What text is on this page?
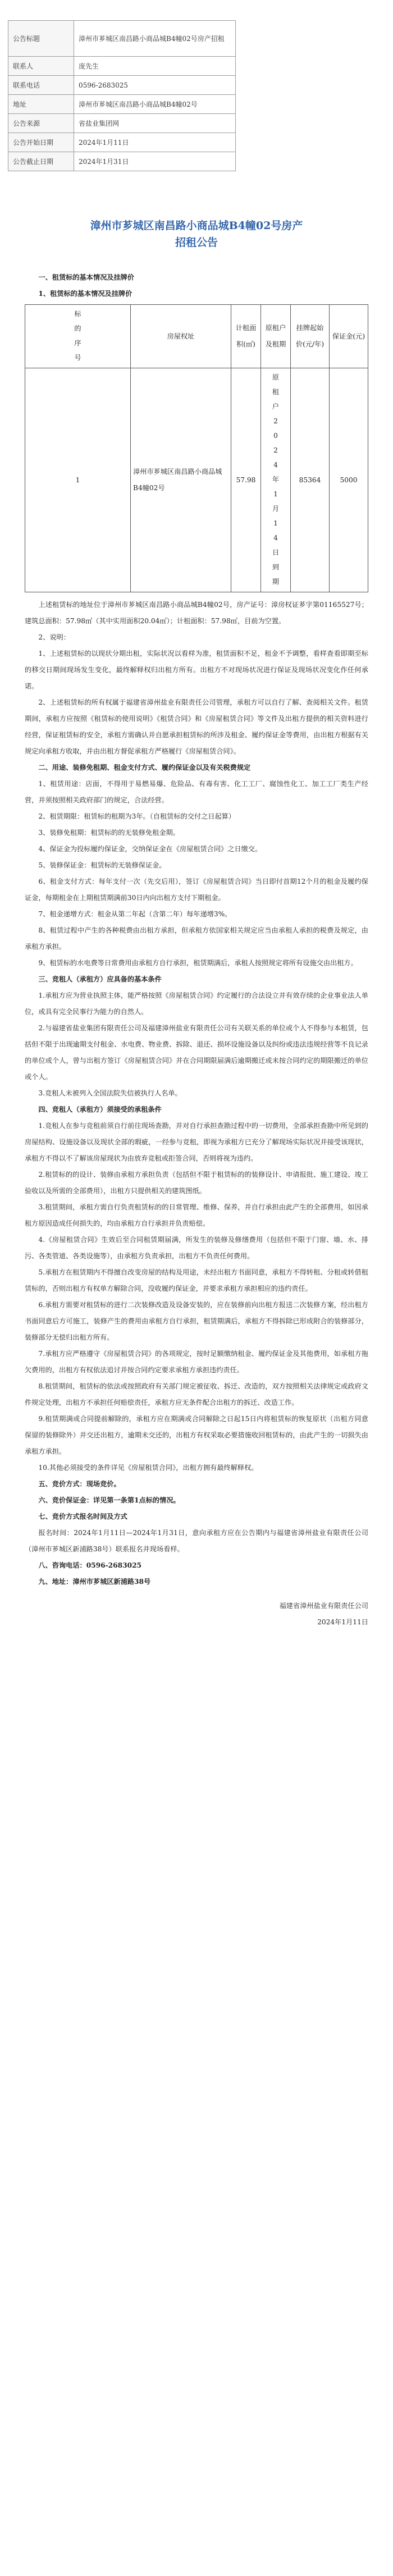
公告标题	漳州市芗城区南昌路小商品城B4幢02号房产招租
联系人	庞先生
联系电话	0596-2683025
地址	漳州市芗城区南昌路小商品城B4幢02号
公告来源	省盐业集团网
公告开始日期	2024年1月11日
公告截止日期	2024年1月31日
漳州市芗城区南昌路小商品城B4幢02号房产
招租公告

一、租赁标的基本情况及挂牌价

1、租赁标的基本情况及挂牌价

标的序号	房屋权址	计租面积(㎡)	原租户及租期	挂牌起始价(元/年)	保证金(元)
1	漳州市芗城区南昌路小商品城B4幢02号	57.98	原租户2024年1月14日到期	85364	5000

上述租赁标的地址位于漳州市芗城区南昌路小商品城B4幢02号，房产证号：漳房权证芗字第01165527号；建筑总面积：57.98㎡（其中实用面积20.04㎡）；计租面积：57.98㎡，目前为空置。

2、说明：

1、上述租赁标的以现状分期出租，实际状况以看样为准，租赁面积不足，租金不予调整，看样查看即期至标的移交日期间现场发生变化，最终解释权归出租方所有。出租方不对现场状况进行保证及现场状况变化作任何承诺。

2、上述租赁标的所有权属于福建省漳州盐业有限责任公司管理，承租方可以自行了解、查阅相关文件。租赁期间，承租方应按照《租赁标的使用说明》《租赁合同》和《房屋租赁合同》等文件及出租方提供的相关资料进行经营，保证租赁标的安全，承租方需确认并自愿承担租赁标的所涉及租金、履约保证金等费用，由出租方根据有关规定向承租方收取，并由出租方督促承租方严格履行《房屋租赁合同》。

二、用途、装修免租期、租金支付方式、履约保证金以及有关税费规定

1、租赁用途：店面，不得用于易燃易爆、危险品、有毒有害、化工工厂、腐蚀性化工、加工工厂类生产经营，并须按照相关政府部门的规定，合法经营。

2、租赁期限：租赁标的租期为3年。（自租赁标的交付之日起算）

3、装修免租期：租赁标的的无装修免租金期。

4、保证金为投标履约保证金，交纳保证金在《房屋租赁合同》之日缴交。

5、装修保证金：租赁标的无装修保证金。

6、租金支付方式：每年支付一次（先交后用），签订《房屋租赁合同》当日即付首期12个月的租金及履约保证金，每期租金在上期租赁期满前30日内向出租方支付下期租金。

7、租金递增方式：租金从第二年起（含第二年）每年递增3%。

8、租赁过程中产生的各种税费由出租方承担，但承租方依国家相关规定应当由承租人承担的税费及规定，由承租方承担。

9、租赁标的水电费等日常费用由承租方自行承担，租赁期满后，承租人按照规定将所有设施交由出租方。

三、竞租人（承租方）应具备的基本条件

1.承租方应为营业执照主体，能严格按照《房屋租赁合同》约定履行的合法设立并有效存续的企业事业法人单位，或具有完全民事行为能力的自然人。

2.与福建省盐业集团有限责任公司及福建漳州盐业有限责任公司有关联关系的单位或个人不得参与本租赁，包括但不限于出现逾期支付租金、水电费、物业费、拆除、退还、损坏设施设备以及纠纷或违法违规经营等不良记录的单位或个人，曾与出租方签订《房屋租赁合同》并在合同期限届满后逾期搬迁或未按合同约定的期限搬迁的单位或个人。

3.竞租人未被列入全国法院失信被执行人名单。

四、竞租人（承租方）须接受的承租条件

1.竞租人在参与竞租前须自行前往现场查勘，并对自行承担查勘过程中的一切费用，全部承担查勘中所见到的房屋结构、设施设备以及现状全部的瑕疵，一经参与竞租，即视为承租方已充分了解现场实际状况并接受该现状，承租方不得以不了解该房屋现状为由放弃竞租或拒签合同，否则将视为违约。

2.租赁标的的设计、装修由承租方承担负责（包括但不限于租赁标的的装修设计、申请报批、施工建设、竣工验收以及所需的全部费用），出租方只提供相关的建筑图纸。

3.租赁期间，承租方需自行负责租赁标的的日常管理、维修、保养，并自行承担由此产生的全部费用，如因承租方原因造成任何损失的，均由承租方自行承担并负责赔偿。

4.《房屋租赁合同》生效后至合同租赁期届满，所发生的装修及修缮费用（包括但不限于门窗、墙、水、排污、各类管道、各类设施等），由承租方负责承担，出租方不负责任何费用。

5.承租方在租赁期内不得擅自改变房屋的结构及用途，未经出租方书面同意，承租方不得转租、分租或转借租赁标的，否则出租方有权单方解除合同，没收履约保证金，并要求承租方承担相应的违约责任。

6.承租方需要对租赁标的进行二次装修改造及设备安装的，应在装修前向出租方报送二次装修方案，经出租方书面同意后方可施工，装修产生的费用由承租方自行承担，租赁期满后，承租方不得拆除已形成附合的装修部分，装修部分无偿归出租方所有。

7.承租方应严格遵守《房屋租赁合同》的各项规定，按时足额缴纳租金、履约保证金及其他费用，如承租方拖欠费用的，出租方有权依法追讨并按合同约定要求承租方承担违约责任。

8.租赁期间，租赁标的依法或按照政府有关部门规定被征收、拆迁、改造的，双方按照相关法律规定或政府文件规定处理，出租方不承担任何赔偿责任，承租方应无条件配合出租方的拆迁、改造工作。

9.租赁期满或合同提前解除的，承租方应在期满或合同解除之日起15日内将租赁标的恢复原状（出租方同意保留的装修除外）并交还出租方，逾期未交还的，出租方有权采取必要措施收回租赁标的，由此产生的一切损失由承租方承担。

10.其他必须接受的条件详见《房屋租赁合同》，出租方拥有最终解释权。

五、竞价方式：现场竞价。

六、竞价保证金：详见第一条第1点标的情况。

七、竞价方式报名时间及方式

报名时间：2024年1月11日—2024年1月31日，意向承租方应在公告期内与福建省漳州盐业有限责任公司（漳州市芗城区新浦路38号）联系报名并现场看样。

八、咨询电话：0596-2683025

九、地址：漳州市芗城区新浦路38号

福建省漳州盐业有限责任公司

2024年1月11日
